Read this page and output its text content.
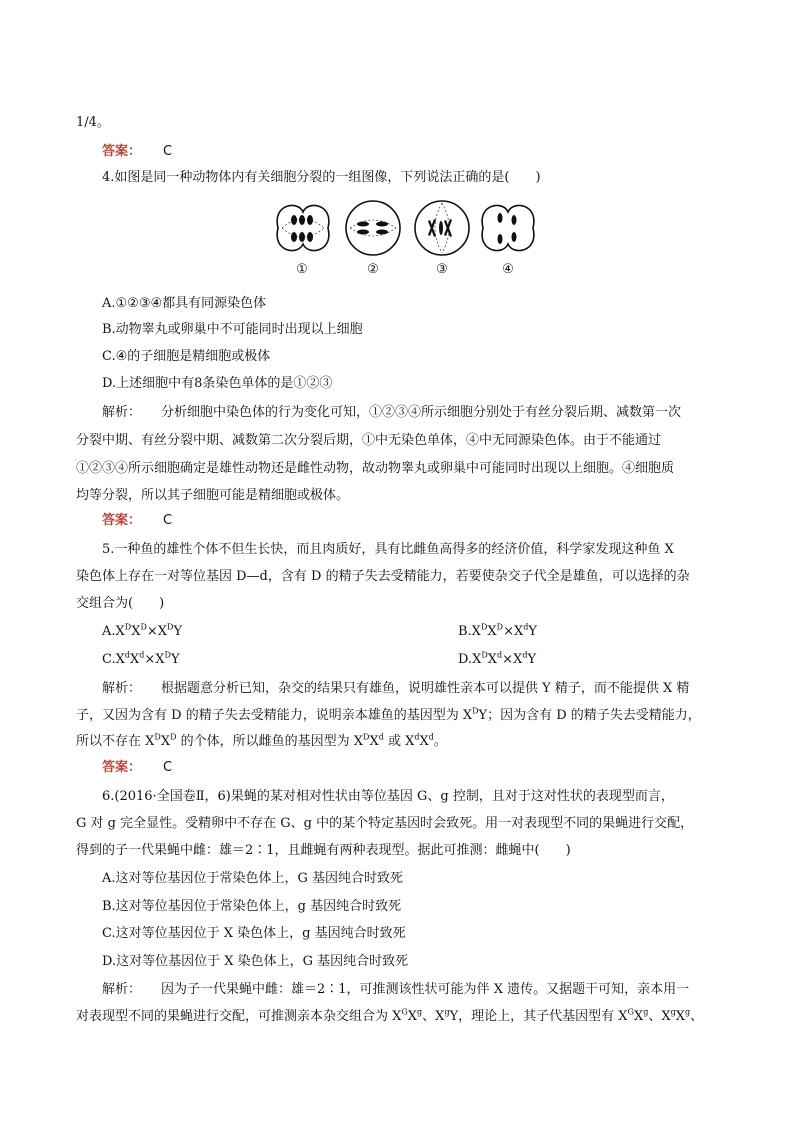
1/4。
答案： C
4.如图是同一种动物体内有关细胞分裂的一组图像，下列说法正确的是(　　)
①	②	③	④
A.①②③④都具有同源染色体
B.动物睾丸或卵巢中不可能同时出现以上细胞
C.④的子细胞是精细胞或极体
D.上述细胞中有8条染色单体的是①②③
解析： 分析细胞中染色体的行为变化可知，①②③④所示细胞分别处于有丝分裂后期、减数第一次
分裂中期、有丝分裂中期、减数第二次分裂后期，①中无染色单体，④中无同源染色体。由于不能通过
①②③④所示细胞确定是雄性动物还是雌性动物，故动物睾丸或卵巢中可能同时出现以上细胞。④细胞质
均等分裂，所以其子细胞可能是精细胞或极体。
答案： C
5.一种鱼的雄性个体不但生长快，而且肉质好，具有比雌鱼高得多的经济价值，科学家发现这种鱼 X
染色体上存在一对等位基因 D—d，含有 D 的精子失去受精能力，若要使杂交子代全是雄鱼，可以选择的杂
交组合为(　　)
$A.X^DX^D\times X^DY$	$B.X^DX^D\times X^dY$
$C.X^dX^d\times X^DY$	$D.X^DX^d\times X^dY$
解析： 根据题意分析已知，杂交的结果只有雄鱼，说明雄性亲本可以提供 Y 精子，而不能提供 X 精
子，又因为含有 D 的精子失去受精能力，说明亲本雄鱼的基因型为 $X^DY$；因为含有 D 的精子失去受精能力，
所以不存在 $X^DX^D$ 的个体，所以雌鱼的基因型为 $X^DX^d$ 或 $X^dX^d$。
答案： C
6.(2016·全国卷Ⅱ，6)果蝇的某对相对性状由等位基因 G、g 控制，且对于这对性状的表现型而言，
G 对 g 完全显性。受精卵中不存在 G、g 中的某个特定基因时会致死。用一对表现型不同的果蝇进行交配，
得到的子一代果蝇中雌：雄＝2∶1，且雌蝇有两种表现型。据此可推测：雌蝇中(　　)
A.这对等位基因位于常染色体上，G 基因纯合时致死
B.这对等位基因位于常染色体上，g 基因纯合时致死
C.这对等位基因位于 X 染色体上，g 基因纯合时致死
D.这对等位基因位于 X 染色体上，G 基因纯合时致死
解析： 因为子一代果蝇中雌：雄＝2∶1，可推测该性状可能为伴 X 遗传。又据题干可知，亲本用一
对表现型不同的果蝇进行交配，可推测亲本杂交组合为 $X^GX^g$、$X^gY$，理论上，其子代基因型有 $X^GX^g$、$X^gX^g$、
